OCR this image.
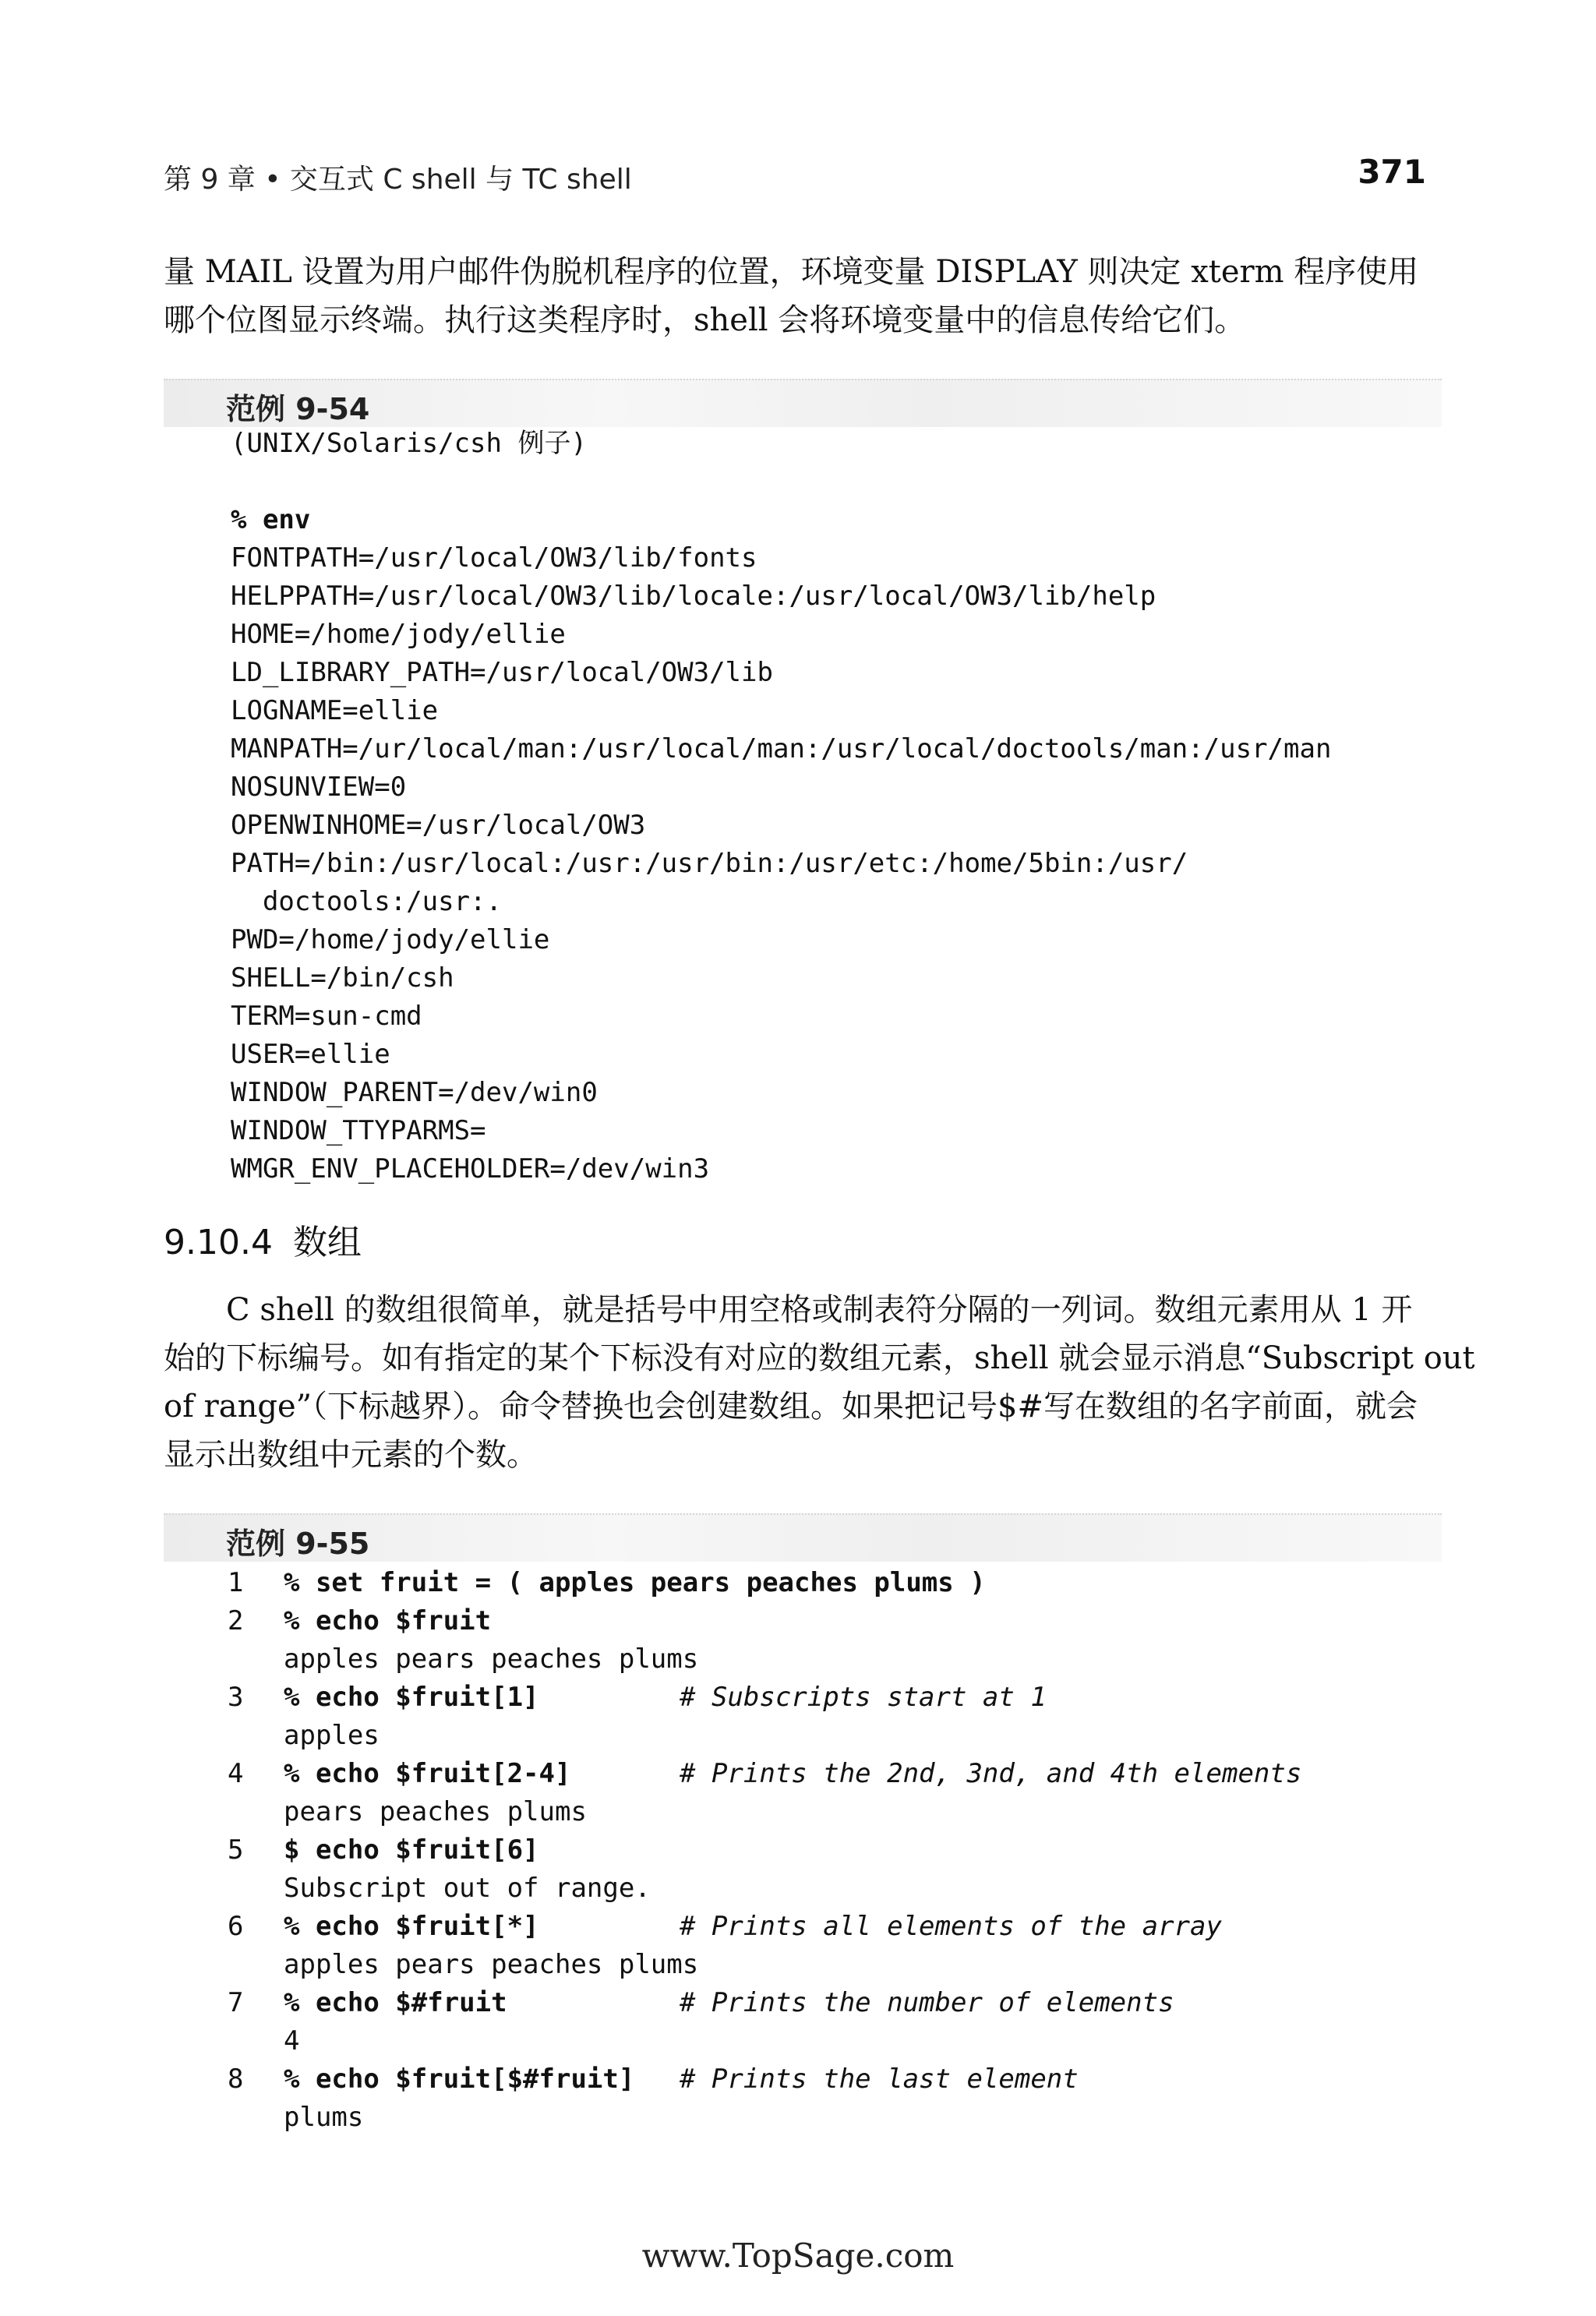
第 9 章 • 交互式 C shell 与 TC shell	371
量 MAIL 设置为用户邮件伪脱机程序的位置，环境变量 DISPLAY 则决定 xterm 程序使用
哪个位图显示终端。执行这类程序时，shell 会将环境变量中的信息传给它们。
范例 9-54
(UNIX/Solaris/csh 例子)
% env
FONTPATH=/usr/local/OW3/lib/fonts
HELPPATH=/usr/local/OW3/lib/locale:/usr/local/OW3/lib/help
HOME=/home/jody/ellie
LD_LIBRARY_PATH=/usr/local/OW3/lib
LOGNAME=ellie
MANPATH=/ur/local/man:/usr/local/man:/usr/local/doctools/man:/usr/man
NOSUNVIEW=0
OPENWINHOME=/usr/local/OW3
PATH=/bin:/usr/local:/usr:/usr/bin:/usr/etc:/home/5bin:/usr/
doctools:/usr:.
PWD=/home/jody/ellie
SHELL=/bin/csh
TERM=sun-cmd
USER=ellie
WINDOW_PARENT=/dev/win0
WINDOW_TTYPARMS=
WMGR_ENV_PLACEHOLDER=/dev/win3
9.10.4 数组
C shell 的数组很简单，就是括号中用空格或制表符分隔的一列词。数组元素用从 1 开
始的下标编号。如有指定的某个下标没有对应的数组元素，shell 就会显示消息“Subscript out
of range”（下标越界）。命令替换也会创建数组。如果把记号$#写在数组的名字前面，就会
显示出数组中元素的个数。
范例 9-55
1	% set fruit = ( apples pears peaches plums )
2	% echo $fruit
apples pears peaches plums
3	% echo $fruit[1]	# Subscripts start at 1
apples
4	% echo $fruit[2-4]	# Prints the 2nd, 3nd, and 4th elements
pears peaches plums
5	$ echo $fruit[6]
Subscript out of range.
6	% echo $fruit[*]	# Prints all elements of the array
apples pears peaches plums
7	% echo $#fruit	# Prints the number of elements
4
8	% echo $fruit[$#fruit] # Prints the last element
plums
www.TopSage.com
